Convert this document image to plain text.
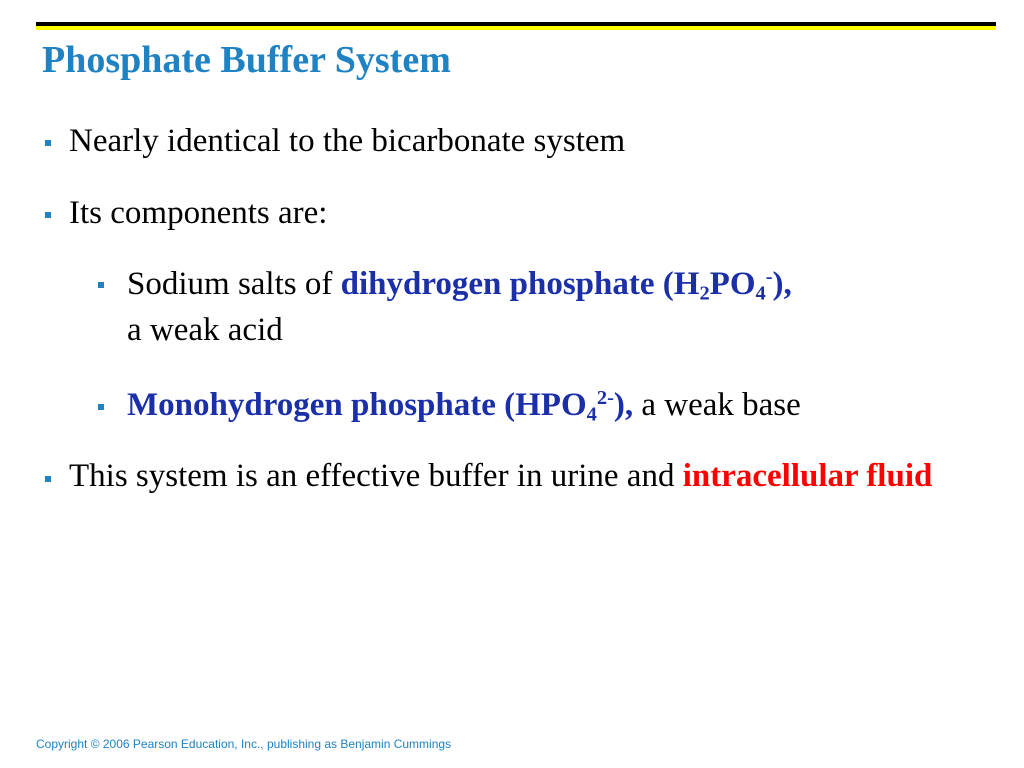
Phosphate Buffer System
Nearly identical to the bicarbonate system
Its components are:
Sodium salts of dihydrogen phosphate $(H_2PO_4^-)$,
a weak acid
Monohydrogen phosphate $(HPO_4^{2-})$, a weak base
This system is an effective buffer in urine and intracellular fluid
Copyright © 2006 Pearson Education, Inc., publishing as Benjamin Cummings
